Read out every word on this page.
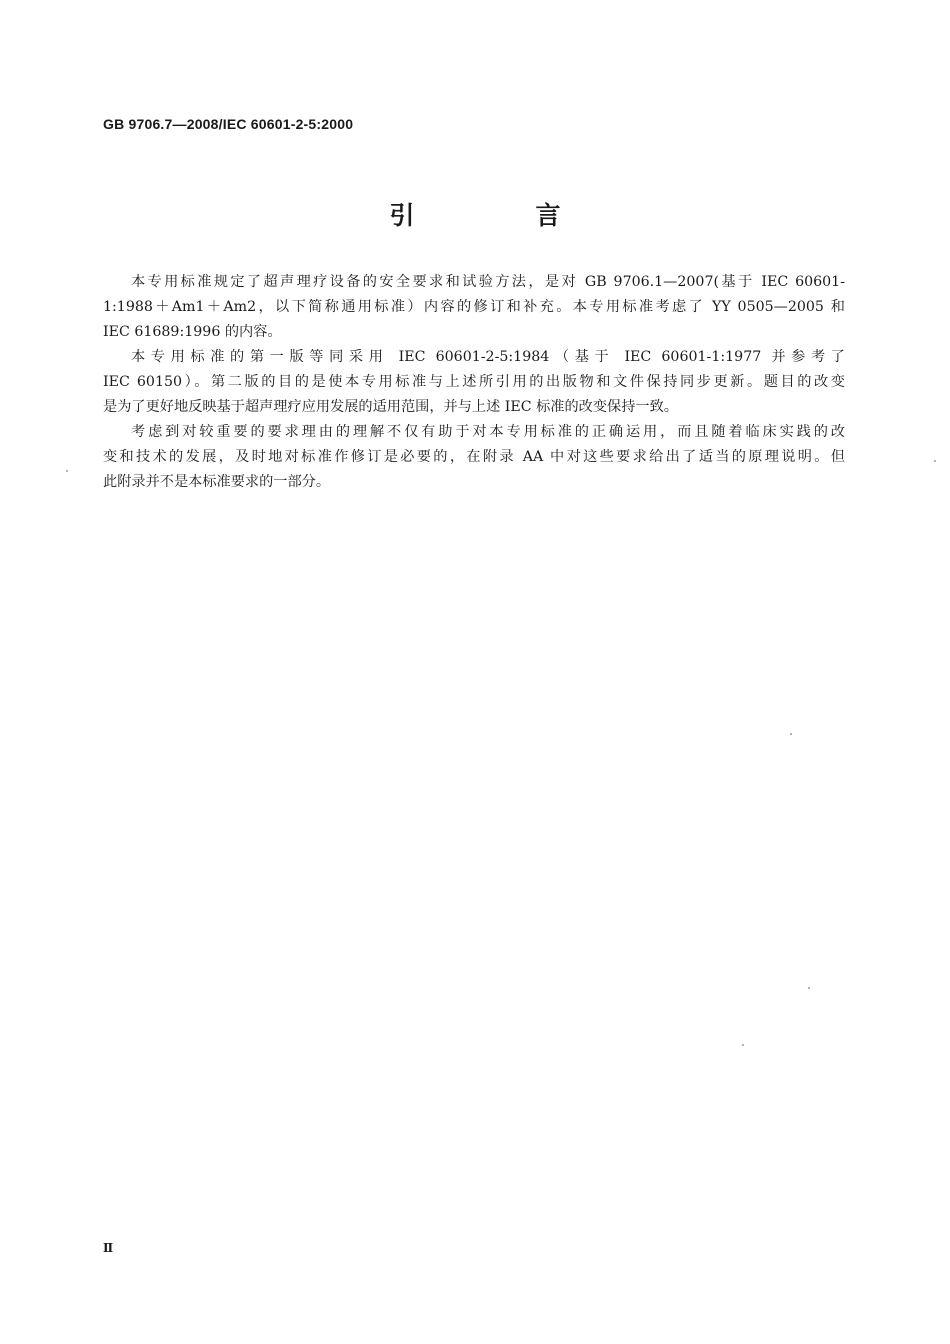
GB 9706.7—2008/IEC 60601-2-5:2000
引　言

本专用标准规定了超声理疗设备的安全要求和试验方法，是对 GB 9706.1—2007(基于 IEC 60601-
1:1988＋Am1＋Am2，以下简称通用标准）内容的修订和补充。本专用标准考虑了 YY 0505—2005 和
IEC 61689:1996 的内容。

本专用标准的第一版等同采用 IEC 60601-2-5:1984（基于 IEC 60601-1:1977 并参考了
IEC 60150）。第二版的目的是使本专用标准与上述所引用的出版物和文件保持同步更新。题目的改变
是为了更好地反映基于超声理疗应用发展的适用范围，并与上述 IEC 标准的改变保持一致。

考虑到对较重要的要求理由的理解不仅有助于对本专用标准的正确运用，而且随着临床实践的改
变和技术的发展，及时地对标准作修订是必要的，在附录 AA 中对这些要求给出了适当的原理说明。但
此附录并不是本标准要求的一部分。

Ⅱ
